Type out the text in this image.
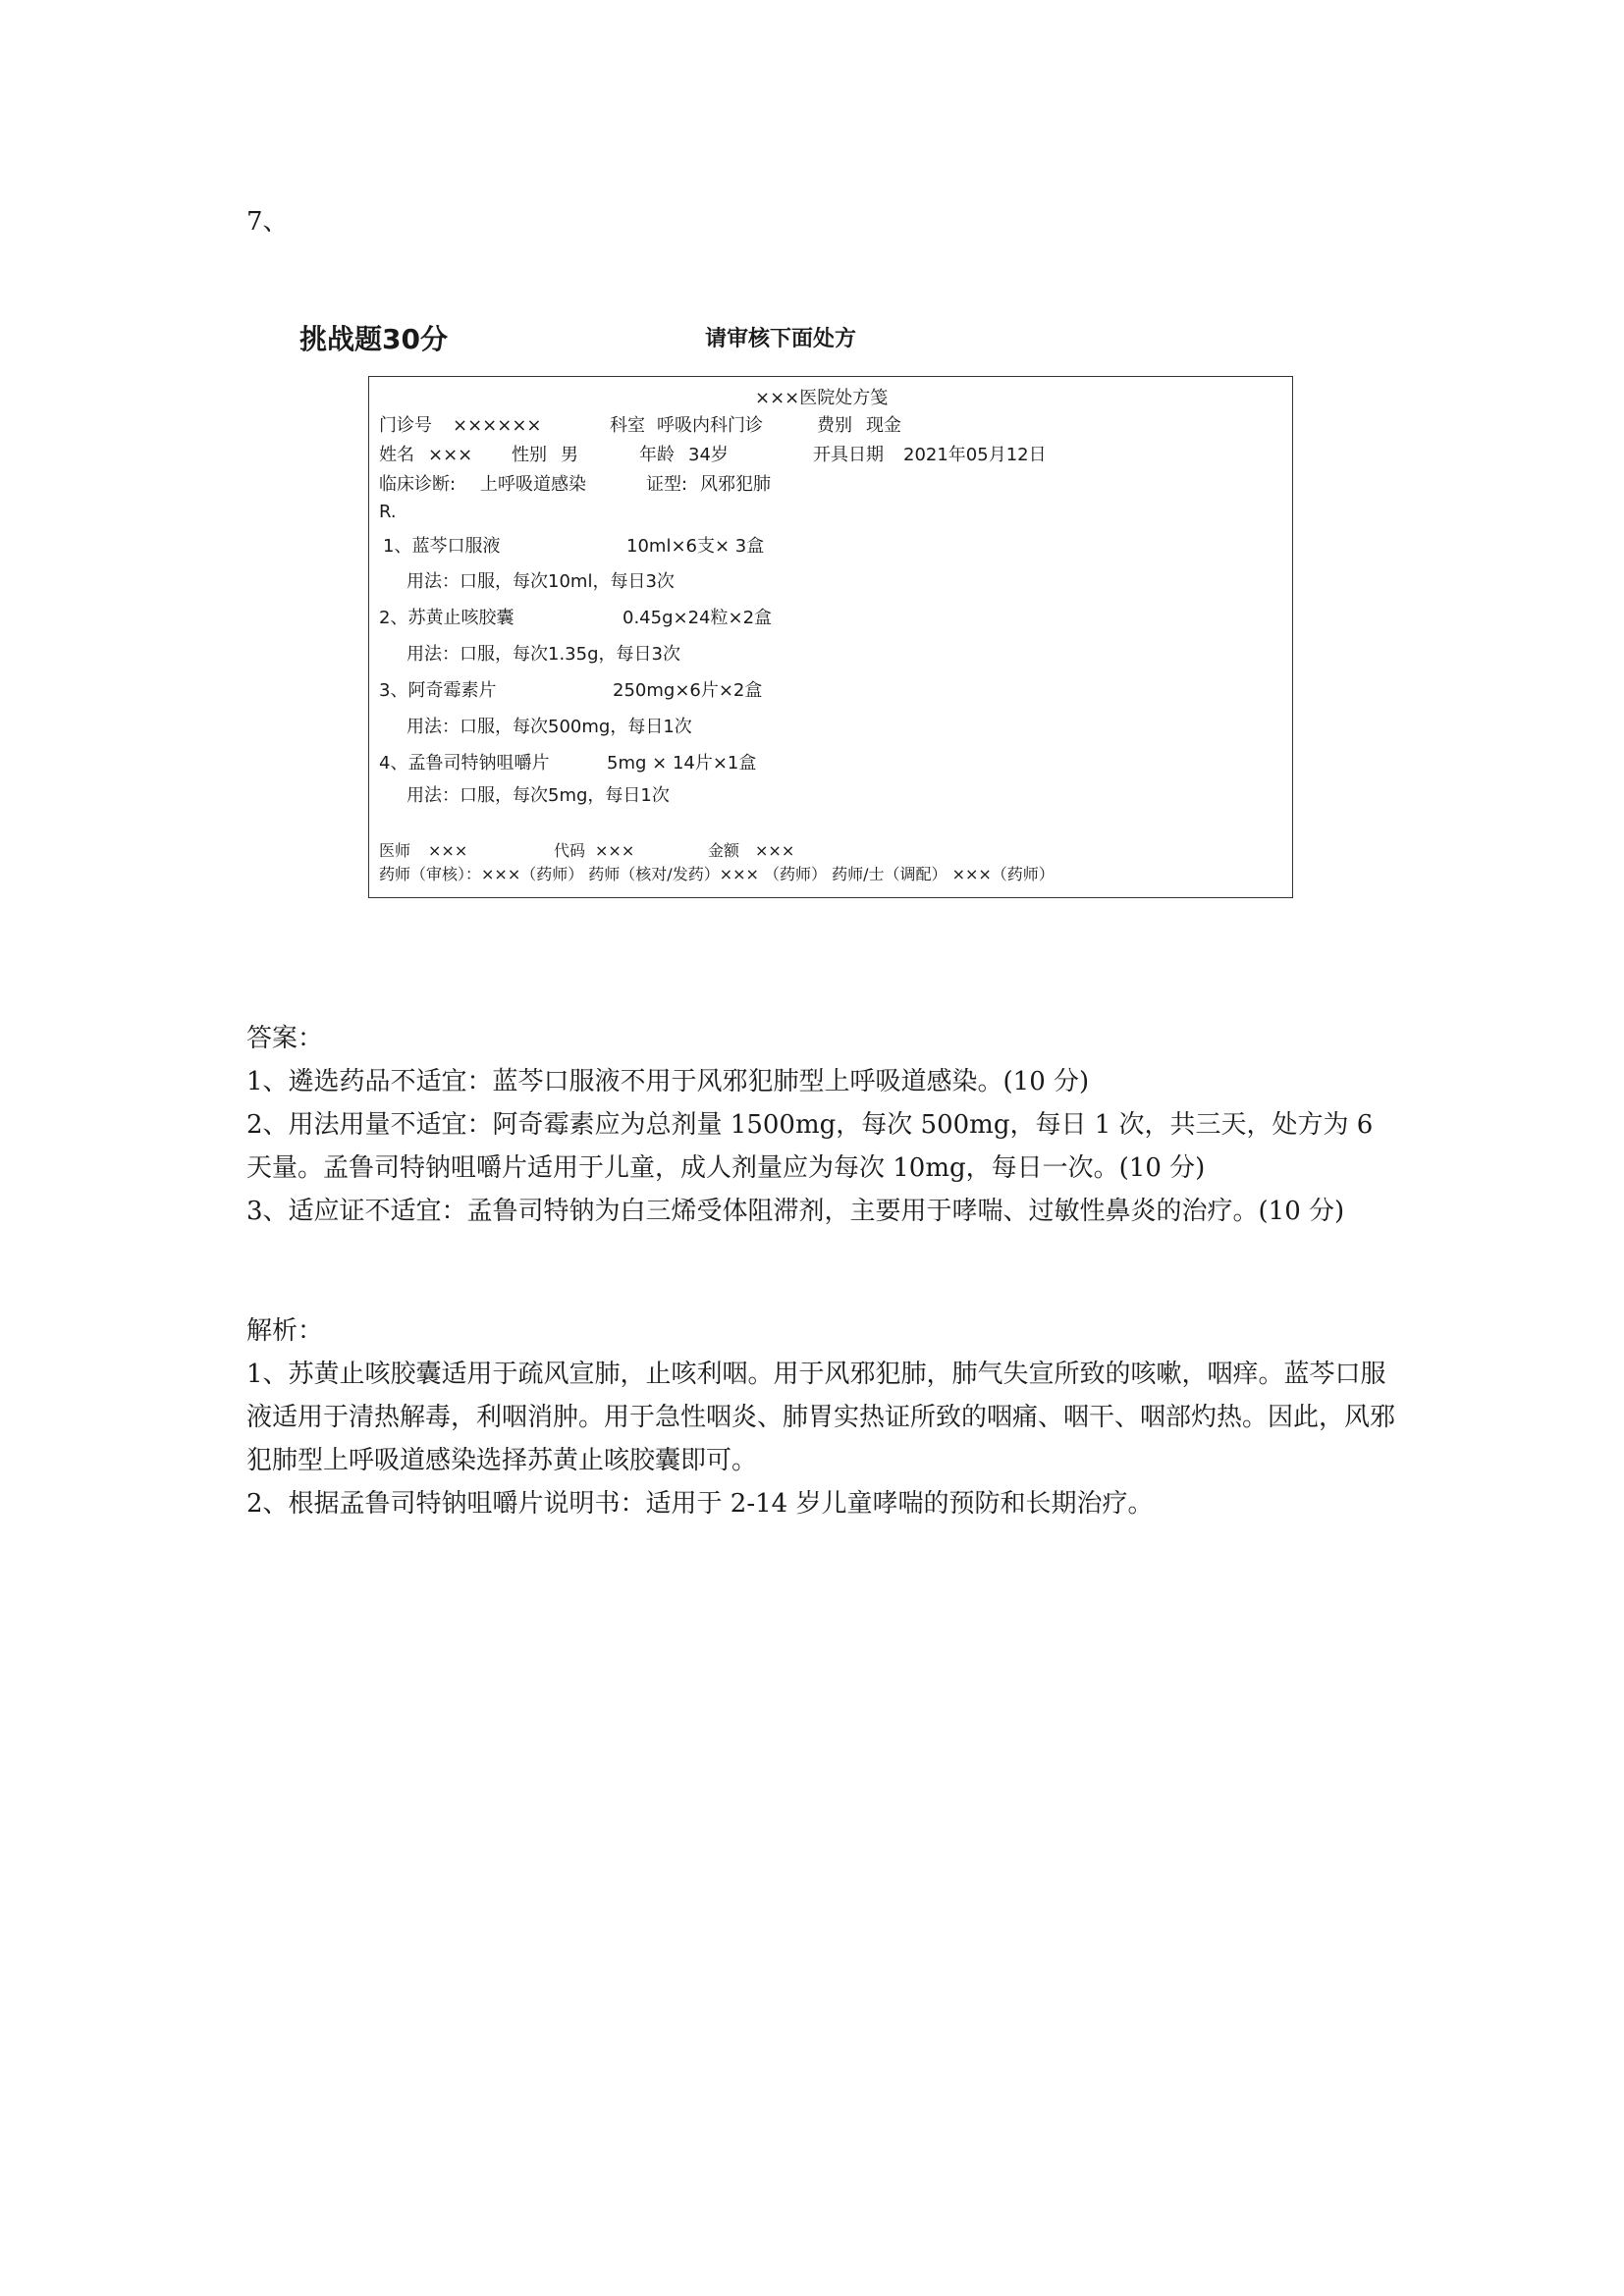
7、
挑战题30分	请审核下面处方
×××医院处方笺
门诊号 ××××××	科室 呼吸内科门诊	费别 现金
姓名 ××× 性别 男	年龄 34岁	开具日期 2021年05月12日
临床诊断: 上呼吸道感染	证型: 风邪犯肺
R.
1、蓝芩口服液	10ml×6支× 3盒
用法：口服，每次10ml，每日3次
2、苏黄止咳胶囊	0.45g×24粒×2盒
用法：口服，每次1.35g，每日3次
3、阿奇霉素片	250mg×6片×2盒
用法：口服，每次500mg，每日1次
4、孟鲁司特钠咀嚼片	5mg × 14片×1盒
用法：口服，每次5mg，每日1次
医师 ×××	代码 ×××	金额 ×××
药师（审核）：×××（药师） 药师（核对/发药）××× （药师） 药师/士（调配） ×××（药师）

答案：

1、遴选药品不适宜：蓝芩口服液不用于风邪犯肺型上呼吸道感染。(10 分)

2、用法用量不适宜：阿奇霉素应为总剂量 1500mg，每次 500mg，每日 1 次，共三天，处方为 6 天量。孟鲁司特钠咀嚼片适用于儿童，成人剂量应为每次 10mg，每日一次。(10 分)

3、适应证不适宜：孟鲁司特钠为白三烯受体阻滞剂，主要用于哮喘、过敏性鼻炎的治疗。(10 分)

解析：

1、苏黄止咳胶囊适用于疏风宣肺，止咳利咽。用于风邪犯肺，肺气失宣所致的咳嗽，咽痒。蓝芩口服液适用于清热解毒，利咽消肿。用于急性咽炎、肺胃实热证所致的咽痛、咽干、咽部灼热。因此，风邪犯肺型上呼吸道感染选择苏黄止咳胶囊即可。

2、根据孟鲁司特钠咀嚼片说明书：适用于 2-14 岁儿童哮喘的预防和长期治疗。
